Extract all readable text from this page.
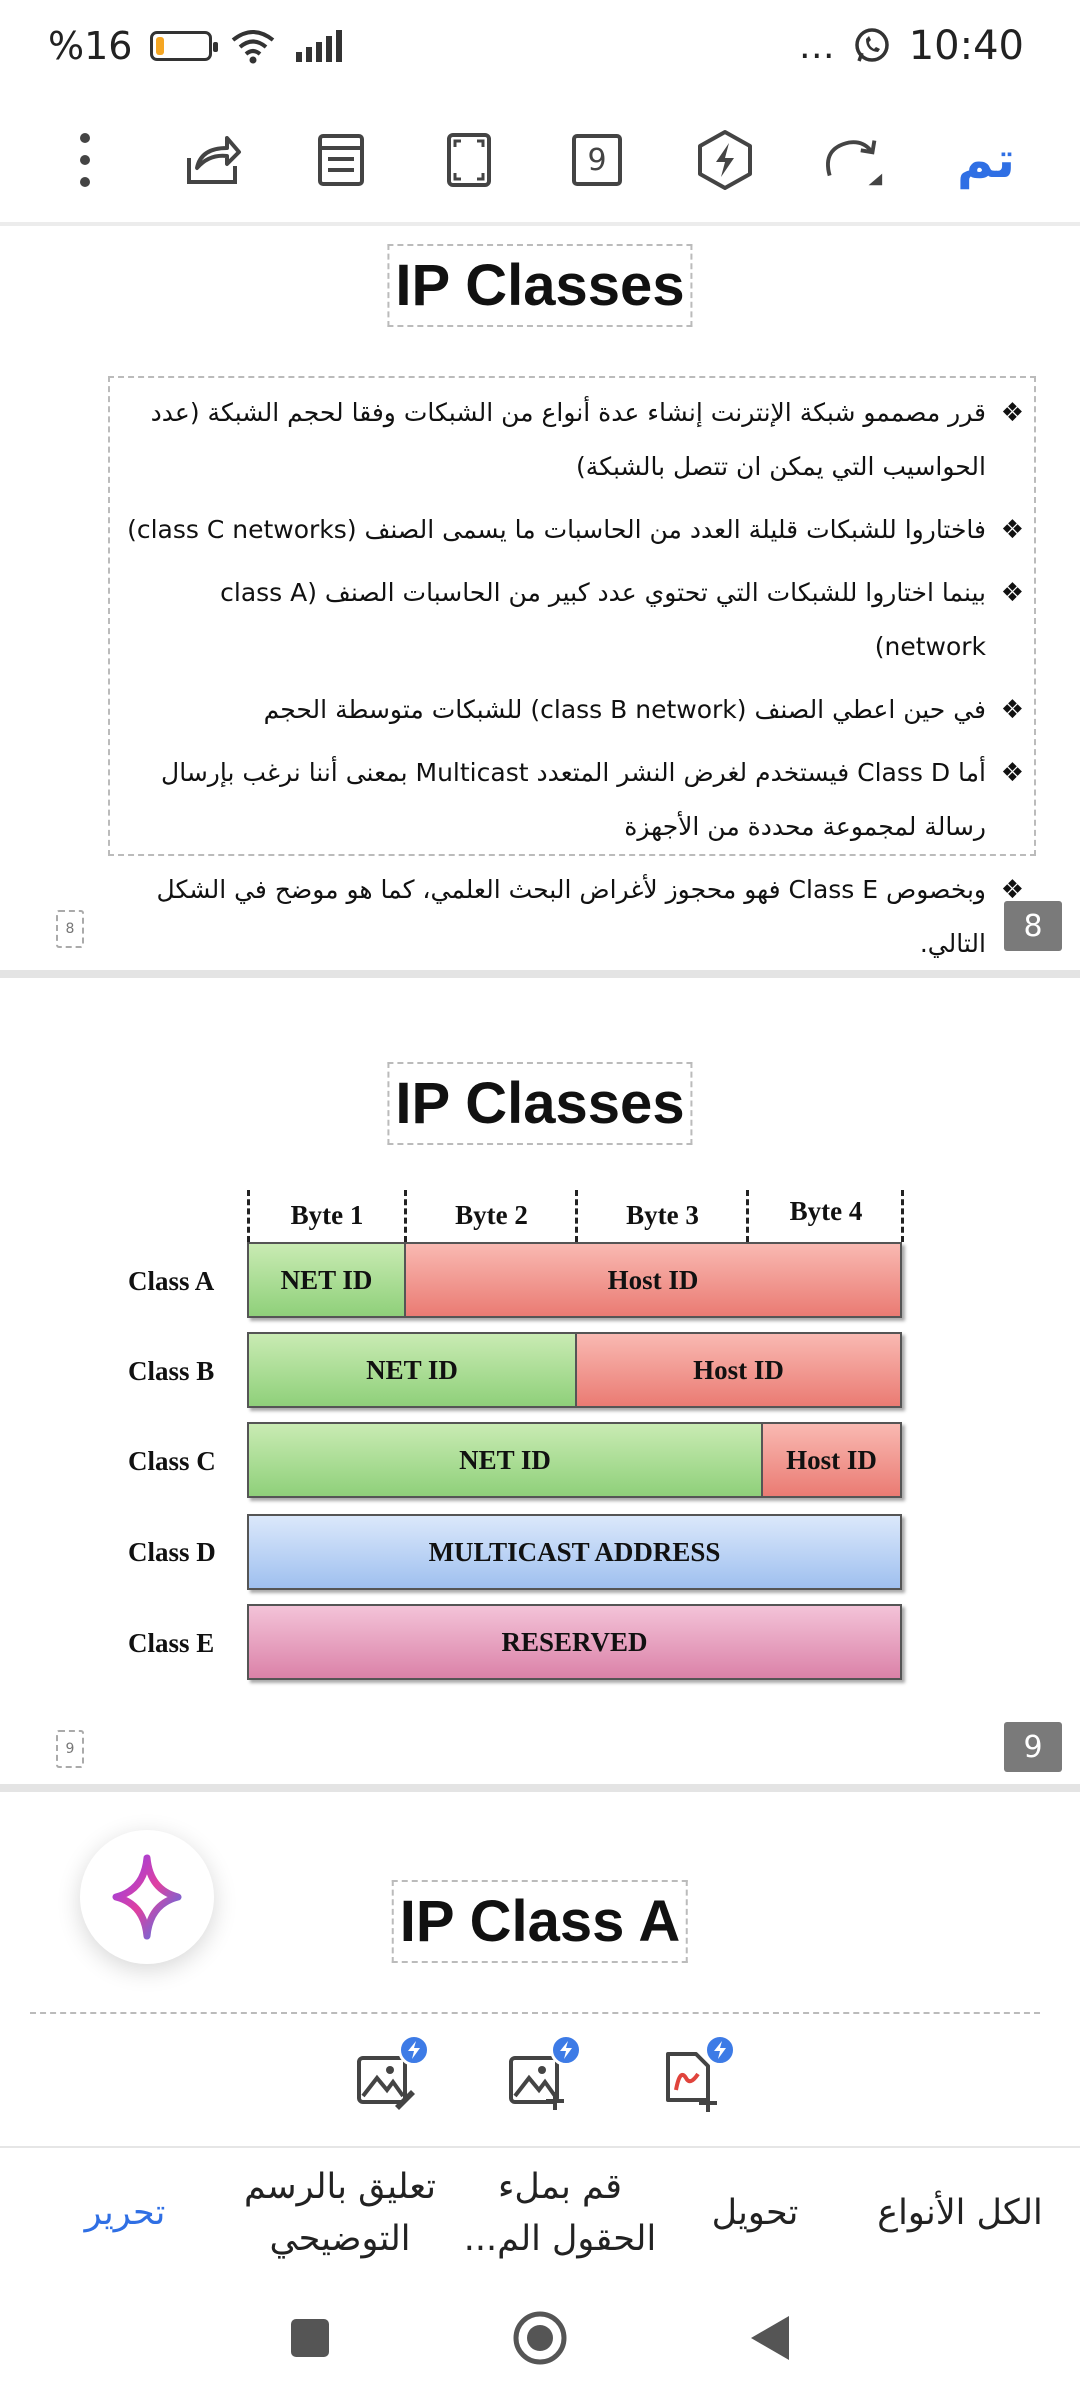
%16	… 10:40
9	تم
IP Classes
❖ قرر مصممو شبكة الإنترنت إنشاء عدة أنواع من الشبكات وفقا لحجم الشبكة (عدد الحواسيب التي يمكن ان تتصل بالشبكة)
❖ فاختاروا للشبكات قليلة العدد من الحاسبات ما يسمى الصنف (class C networks)
❖ بينما اختاروا للشبكات التي تحتوي عدد كبير من الحاسبات الصنف (class A network)
❖ في حين اعطي الصنف (class B network) للشبكات متوسطة الحجم
❖ أما Class D فيستخدم لغرض النشر المتعدد Multicast بمعنى أننا نرغب بإرسال رسالة لمجموعة محددة من الأجهزة
❖ وبخصوص Class E فهو محجوز لأغراض البحث العلمي، كما هو موضح في الشكل التالي.
8	8
IP Classes
9	9
Byte 1	Byte 2	Byte 3	Byte 4
Class A	NET ID	Host ID
Class B	NET ID	Host ID
Class C	NET ID	Host ID
Class D	MULTICAST ADDRESS
Class E	RESERVED
IP Class A
الكل الأنواع
تحويل
قم بملء الحقول الم...
تعليق بالرسم التوضيحي
تحرير
